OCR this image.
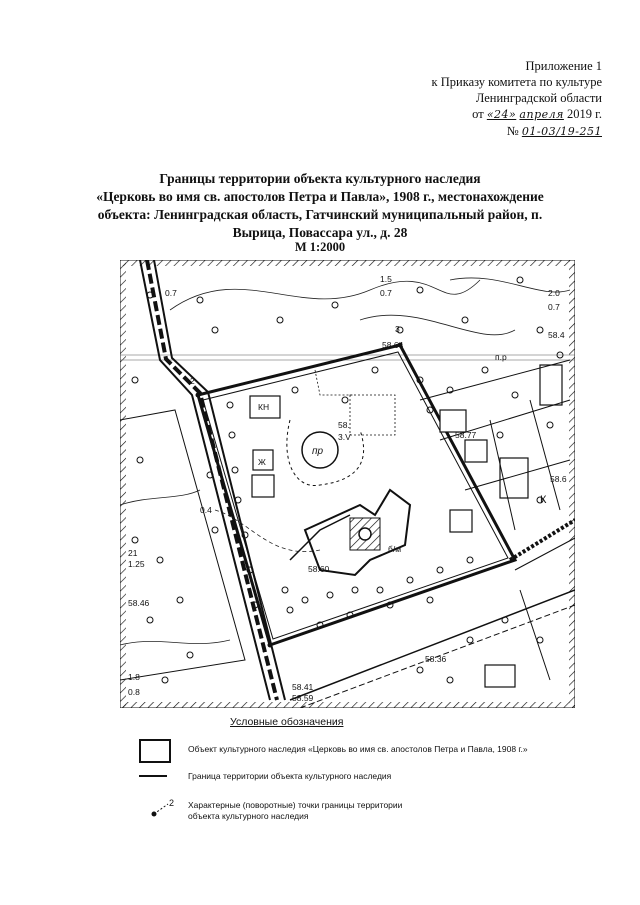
Приложение 1
к Приказу комитета по культуре
Ленинградской области
от «24» апреля 2019 г.
№ 01-03/19-251
Границы территории объекта культурного наследия
«Церковь во имя св. апостолов Петра и Павла», 1908 г., местонахождение
объекта: Ленинградская область, Гатчинский муниципальный район, п.
Вырица, Повассара ул., д. 28
М 1:2000
1.5
0.7
0.7	2.0
0.7
58.4
58.64
3
2
КН
58.
3.V
пр
58.77
Ж
К
58.6
0.4
21
1.25
58.46
58.60
б/м
1.8
0.8	58.41
58.59
58.36
1
п.р
Условные обозначения
Объект культурного наследия «Церковь во имя св. апостолов Петра и Павла, 1908 г.»
Граница территории объекта культурного наследия
2 Характерные (поворотные) точки границы территории
объекта культурного наследия
